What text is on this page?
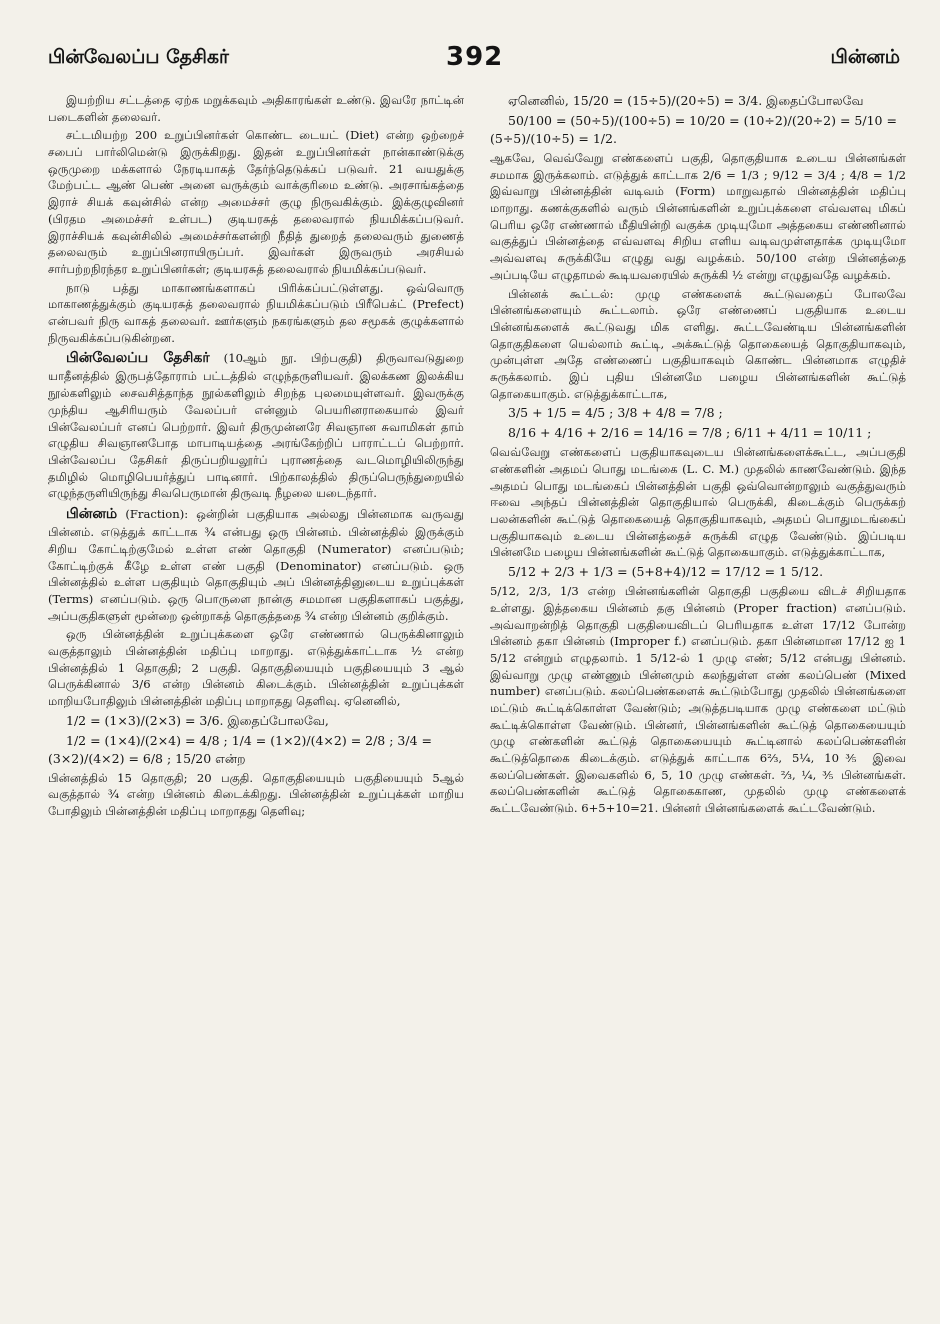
பின்வேலப்ப தேசிகர்	392	பின்னம்

இயற்றிய சட்டத்தை ஏற்க மறுக்கவும் அதிகாரங்கள் உண்டு. இவரே நாட்டின் படைகளின் தலைவர்.

சட்டமியற்ற 200 உறுப்பினர்கள் கொண்ட டையட் (Diet) என்ற ஒற்றைச் சபைப் பார்லிமென்டு இருக்கிறது. இதன் உறுப்பினர்கள் நான்காண்டுக்கு ஒருமுறை மக்களால் நேரடியாகத் தேர்ந்தெடுக்கப் படுவர். 21 வயதுக்கு மேற்பட்ட ஆண் பெண் அனை வருக்கும் வாக்குரிமை உண்டு. அரசாங்கத்தை இராச் சியக் கவுன்சில் என்ற அமைச்சர் குழு நிருவகிக்கும். இக்குழுவினர் (பிரதம அமைச்சர் உள்பட) குடியரசுத் தலைவரால் நியமிக்கப்படுவர். இராச்சியக் கவுன்சிலில் அமைச்சர்களன்றி நீதித் துறைத் தலைவரும் துணைத் தலைவரும் உறுப்பினராயிருப்பர். இவர்கள் இருவரும் அரசியல் சார்பற்றநிரந்தர உறுப்பினர்கள்; குடியரசுத் தலைவரால் நியமிக்கப்படுவர்.

நாடு பத்து மாகாணங்களாகப் பிரிக்கப்பட்டுள்ளது. ஒவ்வொரு மாகாணத்துக்கும் குடியரசுத் தலைவரால் நியமிக்கப்படும் பிரீபெக்ட் (Prefect) என்பவர் நிரு வாகத் தலைவர். ஊர்களும் நகரங்களும் தல சமூகக் குழுக்களால் நிருவகிக்கப்படுகின்றன.

பின்வேலப்ப தேசிகர் (10ஆம் நூ. பிற்பகுதி) திருவாவடுதுறை யாதீனத்தில் இருபத்தோராம் பட்டத்தில் எழுந்தருளியவர். இலக்கண இலக்கிய நூல்களிலும் சைவசித்தாந்த நூல்களிலும் சிறந்த புலமையுள்ளவர். இவருக்கு முந்திய ஆசிரியரும் வேலப்பர் என்னும் பெயரினராகையால் இவர் பின்வேலப்பர் எனப் பெற்றார். இவர் திருமுன்னரே சிவஞான சுவாமிகள் தாம் எழுதிய சிவஞானபோத மாபாடியத்தை அரங்கேற்றிப் பாராட்டப் பெற்றார். பின்வேலப்ப தேசிகர் திருப்பறியலூர்ப் புராணத்தை வடமொழியிலிருந்து தமிழில் மொழிபெயர்த்துப் பாடினார். பிற்காலத்தில் திருப்பெருந்துறையில் எழுந்தருளியிருந்து சிவபெருமான் திருவடி நீழலை யடைந்தார்.

பின்னம் (Fraction): ஒன்றின் பகுதியாக அல்லது பின்னமாக வருவது பின்னம். எடுத்துக் காட்டாக ¾ என்பது ஒரு பின்னம். பின்னத்தில் இருக்கும் சிறிய கோட்டிற்குமேல் உள்ள எண் தொகுதி (Numerator) எனப்படும்; கோட்டிற்குக் கீழே உள்ள எண் பகுதி (Denominator) எனப்படும். ஒரு பின்னத்தில் உள்ள பகுதியும் தொகுதியும் அப் பின்னத்தினுடைய உறுப்புக்கள் (Terms) எனப்படும். ஒரு பொருளை நான்கு சமமான பகுதிகளாகப் பகுத்து, அப்பகுதிகளுள் மூன்றை ஒன்றாகத் தொகுத்ததை ¾ என்ற பின்னம் குறிக்கும்.

ஒரு பின்னத்தின் உறுப்புக்களை ஒரே எண்ணால் பெருக்கினாலும் வகுத்தாலும் பின்னத்தின் மதிப்பு மாறாது. எடுத்துக்காட்டாக ½ என்ற பின்னத்தில் 1 தொகுதி; 2 பகுதி. தொகுதியையும் பகுதியையும் 3 ஆல் பெருக்கினால் 3/6 என்ற பின்னம் கிடைக்கும். பின்னத்தின் உறுப்புக்கள் மாறியபோதிலும் பின்னத்தின் மதிப்பு மாறாதது தெளிவு. ஏனெனில்,

1/2 = (1×3)/(2×3) = 3/6. இதைப்போலவே,

1/2 = (1×4)/(2×4) = 4/8 ; 1/4 = (1×2)/(4×2) = 2/8 ; 3/4 = (3×2)/(4×2) = 6/8 ; 15/20 என்ற

பின்னத்தில் 15 தொகுதி; 20 பகுதி. தொகுதியையும் பகுதியையும் 5ஆல் வகுத்தால் ¾ என்ற பின்னம் கிடைக்கிறது. பின்னத்தின் உறுப்புக்கள் மாறிய போதிலும் பின்னத்தின் மதிப்பு மாறாதது தெளிவு;

ஏனெனில், 15/20 = (15÷5)/(20÷5) = 3/4. இதைப்போலவே

50/100 = (50÷5)/(100÷5) = 10/20 = (10÷2)/(20÷2) = 5/10 = (5÷5)/(10÷5) = 1/2.

ஆகவே, வெவ்வேறு எண்களைப் பகுதி, தொகுதியாக உடைய பின்னங்கள் சமமாக இருக்கலாம். எடுத்துக் காட்டாக 2/6 = 1/3 ; 9/12 = 3/4 ; 4/8 = 1/2 இவ்வாறு பின்னத்தின் வடிவம் (Form) மாறுவதால் பின்னத்தின் மதிப்பு மாறாது. கணக்குகளில் வரும் பின்னங்களின் உறுப்புக்களை எவ்வளவு மிகப் பெரிய ஒரே எண்ணால் மீதியின்றி வகுக்க முடியுமோ அத்தகைய எண்ணினால் வகுத்துப் பின்னத்தை எவ்வளவு சிறிய எளிய வடிவமுள்ளதாக்க முடியுமோ அவ்வளவு சுருக்கியே எழுது வது வழக்கம். 50/100 என்ற பின்னத்தை அப்படியே எழுதாமல் கூடியவரையில் சுருக்கி ½ என்று எழுதுவதே வழக்கம்.

பின்னக் கூட்டல்: முழு எண்களைக் கூட்டுவதைப் போலவே பின்னங்களையும் கூட்டலாம். ஒரே எண்ணைப் பகுதியாக உடைய பின்னங்களைக் கூட்டுவது மிக எளிது. கூட்டவேண்டிய பின்னங்களின் தொகுதிகளை யெல்லாம் கூட்டி, அக்கூட்டுத் தொகையைத் தொகுதியாகவும், முன்புள்ள அதே எண்ணைப் பகுதியாகவும் கொண்ட பின்னமாக எழுதிச் சுருக்கலாம். இப் புதிய பின்னமே பழைய பின்னங்களின் கூட்டுத் தொகையாகும். எடுத்துக்காட்டாக,

3/5 + 1/5 = 4/5 ; 3/8 + 4/8 = 7/8 ;

8/16 + 4/16 + 2/16 = 14/16 = 7/8 ; 6/11 + 4/11 = 10/11 ;

வெவ்வேறு எண்களைப் பகுதியாகவுடைய பின்னங்களைக்கூட்ட, அப்பகுதி எண்களின் அதமப் பொது மடங்கை (L. C. M.) முதலில் காணவேண்டும். இந்த அதமப் பொது மடங்கைப் பின்னத்தின் பகுதி ஒவ்வொன்றாலும் வகுத்துவரும் ஈவை அந்தப் பின்னத்தின் தொகுதியால் பெருக்கி, கிடைக்கும் பெருக்கற் பலன்களின் கூட்டுத் தொகையைத் தொகுதியாகவும், அதமப் பொதுமடங்கைப் பகுதியாகவும் உடைய பின்னத்தைச் சுருக்கி எழுத வேண்டும். இப்படிய பின்னமே பழைய பின்னங்களின் கூட்டுத் தொகையாகும். எடுத்துக்காட்டாக,

5/12 + 2/3 + 1/3 = (5+8+4)/12 = 17/12 = 1 5/12.

5/12, 2/3, 1/3 என்ற பின்னங்களின் தொகுதி பகுதியை விடச் சிறியதாக உள்ளது. இத்தகைய பின்னம் தகு பின்னம் (Proper fraction) எனப்படும். அவ்வாறன்றித் தொகுதி பகுதியைவிடப் பெரியதாக உள்ள 17/12 போன்ற பின்னம் தகா பின்னம் (Improper f.) எனப்படும். தகா பின்னமான 17/12 ஐ 1 5/12 என்றும் எழுதலாம். 1 5/12-ல் 1 முழு எண்; 5/12 என்பது பின்னம். இவ்வாறு முழு எண்ணும் பின்னமும் கலந்துள்ள எண் கலப்பெண் (Mixed number) எனப்படும். கலப்பெண்களைக் கூட்டும்போது முதலில் பின்னங்களை மட்டும் கூட்டிக்கொள்ள வேண்டும்; அடுத்தபடியாக முழு எண்களை மட்டும் கூட்டிக்கொள்ள வேண்டும். பின்னர், பின்னங்களின் கூட்டுத் தொகையையும் முழு எண்களின் கூட்டுத் தொகையையும் கூட்டினால் கலப்பெண்களின் கூட்டுத்தொகை கிடைக்கும். எடுத்துக் காட்டாக 6⅔, 5¼, 10⅗ இவை கலப்பெண்கள். இவைகளில் 6, 5, 10 முழு எண்கள். ⅔, ¼, ⅗ பின்னங்கள். கலப்பெண்களின் கூட்டுத் தொகைகாண, முதலில் முழு எண்களைக் கூட்டவேண்டும். 6+5+10=21. பின்னர் பின்னங்களைக் கூட்டவேண்டும்.
